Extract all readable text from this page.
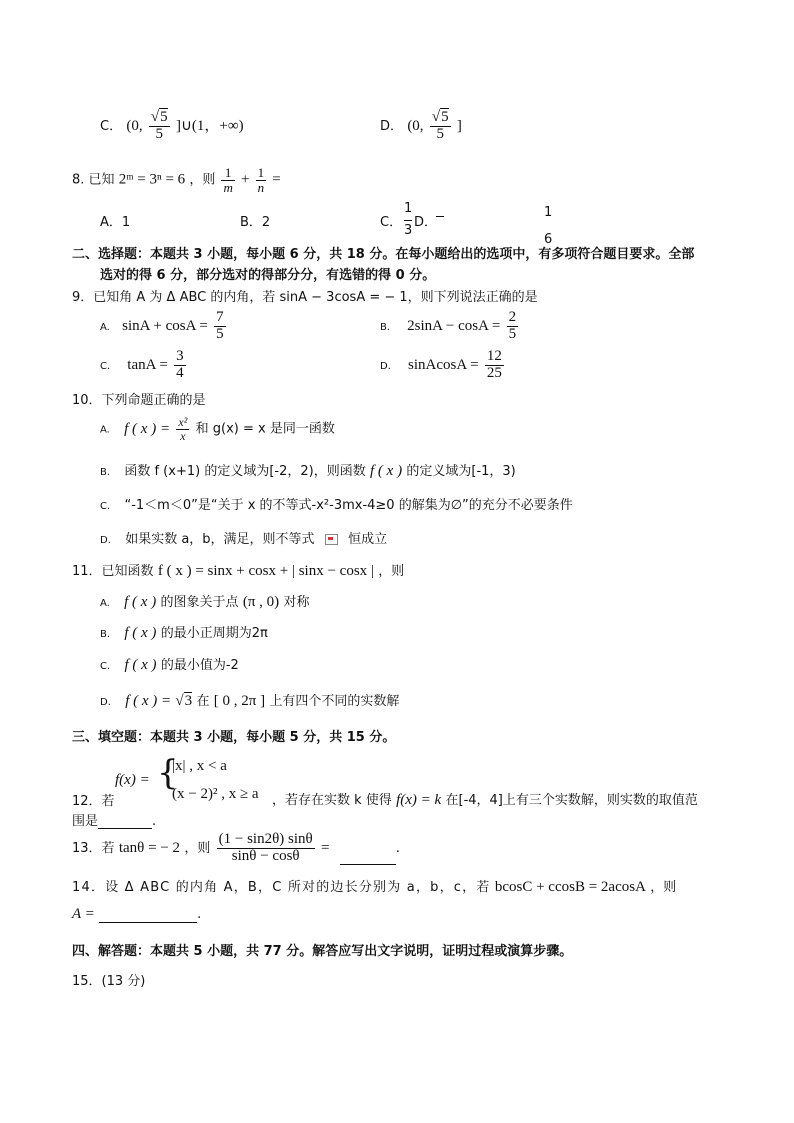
C． (0, $\frac{√5}{5}$ ]∪(1，+∞)	D． (0, $\frac{√5}{5}$ ]
8. 已知 2ᵐ = 3ⁿ = 6 ，则 $\frac{1}{m} + \frac{1}{n}$ =
A．1	B．2	C．
1
3
D．
1
6
二、选择题：本题共 3 小题，每小题 6 分，共 18 分。在每小题给出的选项中，有多项符合题目要求。全部
选对的得 6 分，部分选对的得部分分，有选错的得 0 分。
9．已知角 A 为 Δ ABC 的内角，若 sinA − 3cosA = − 1，则下列说法正确的是
A. $\sin A + \cos A = \frac{7}{5}$	B． $2\sin A - \cos A = \frac{2}{5}$
C． $\tan A = \frac{3}{4}$	D． sinAcosA = $\frac{12}{25}$
10．下列命题正确的是
A. f ( x ) = $\frac{\text{x²}}{x}$ 和 g(x) = x 是同一函数
B. 函数 f (x+1) 的定义域为[-2，2)，则函数 f ( x ) 的定义域为[-1，3)
C. “-1＜m＜0”是“关于 x 的不等式-x²-3mx-4≥0 的解集为∅”的充分不必要条件
D. 如果实数 a，b，满足，则不等式	恒成立
11．已知函数 f ( x ) = sinx + cosx + | sinx − cosx | ，则
A. f ( x ) 的图象关于点 (π , 0) 对称
B. f ( x ) 的最小正周期为2π
C. f ( x ) 的最小值为-2
D. f ( x ) = √3 在 [ 0 , 2π ] 上有四个不同的实数解
三、填空题：本题共 3 小题，每小题 5 分，共 15 分。
12．若
f(x) = {
|x| , x < a
(x − 2)² , x ≥ a ，若存在实数 k 使得 f(x) = k 在[-4，4]上有三个实数解，则实数的取值范
围是	.
13．若 tanθ = − 2 ，则 $\frac{(1 - \sin 2\theta) \sin\theta}{\sin\theta - \cos\theta}$ =	.
14．设 Δ ABC 的内角 A，B，C 所对的边长分别为 a，b，c，若 bcosC + ccosB = 2acosA ，则
A =	.
四、解答题：本题共 5 小题，共 77 分。解答应写出文字说明，证明过程或演算步骤。
15．(13 分)
